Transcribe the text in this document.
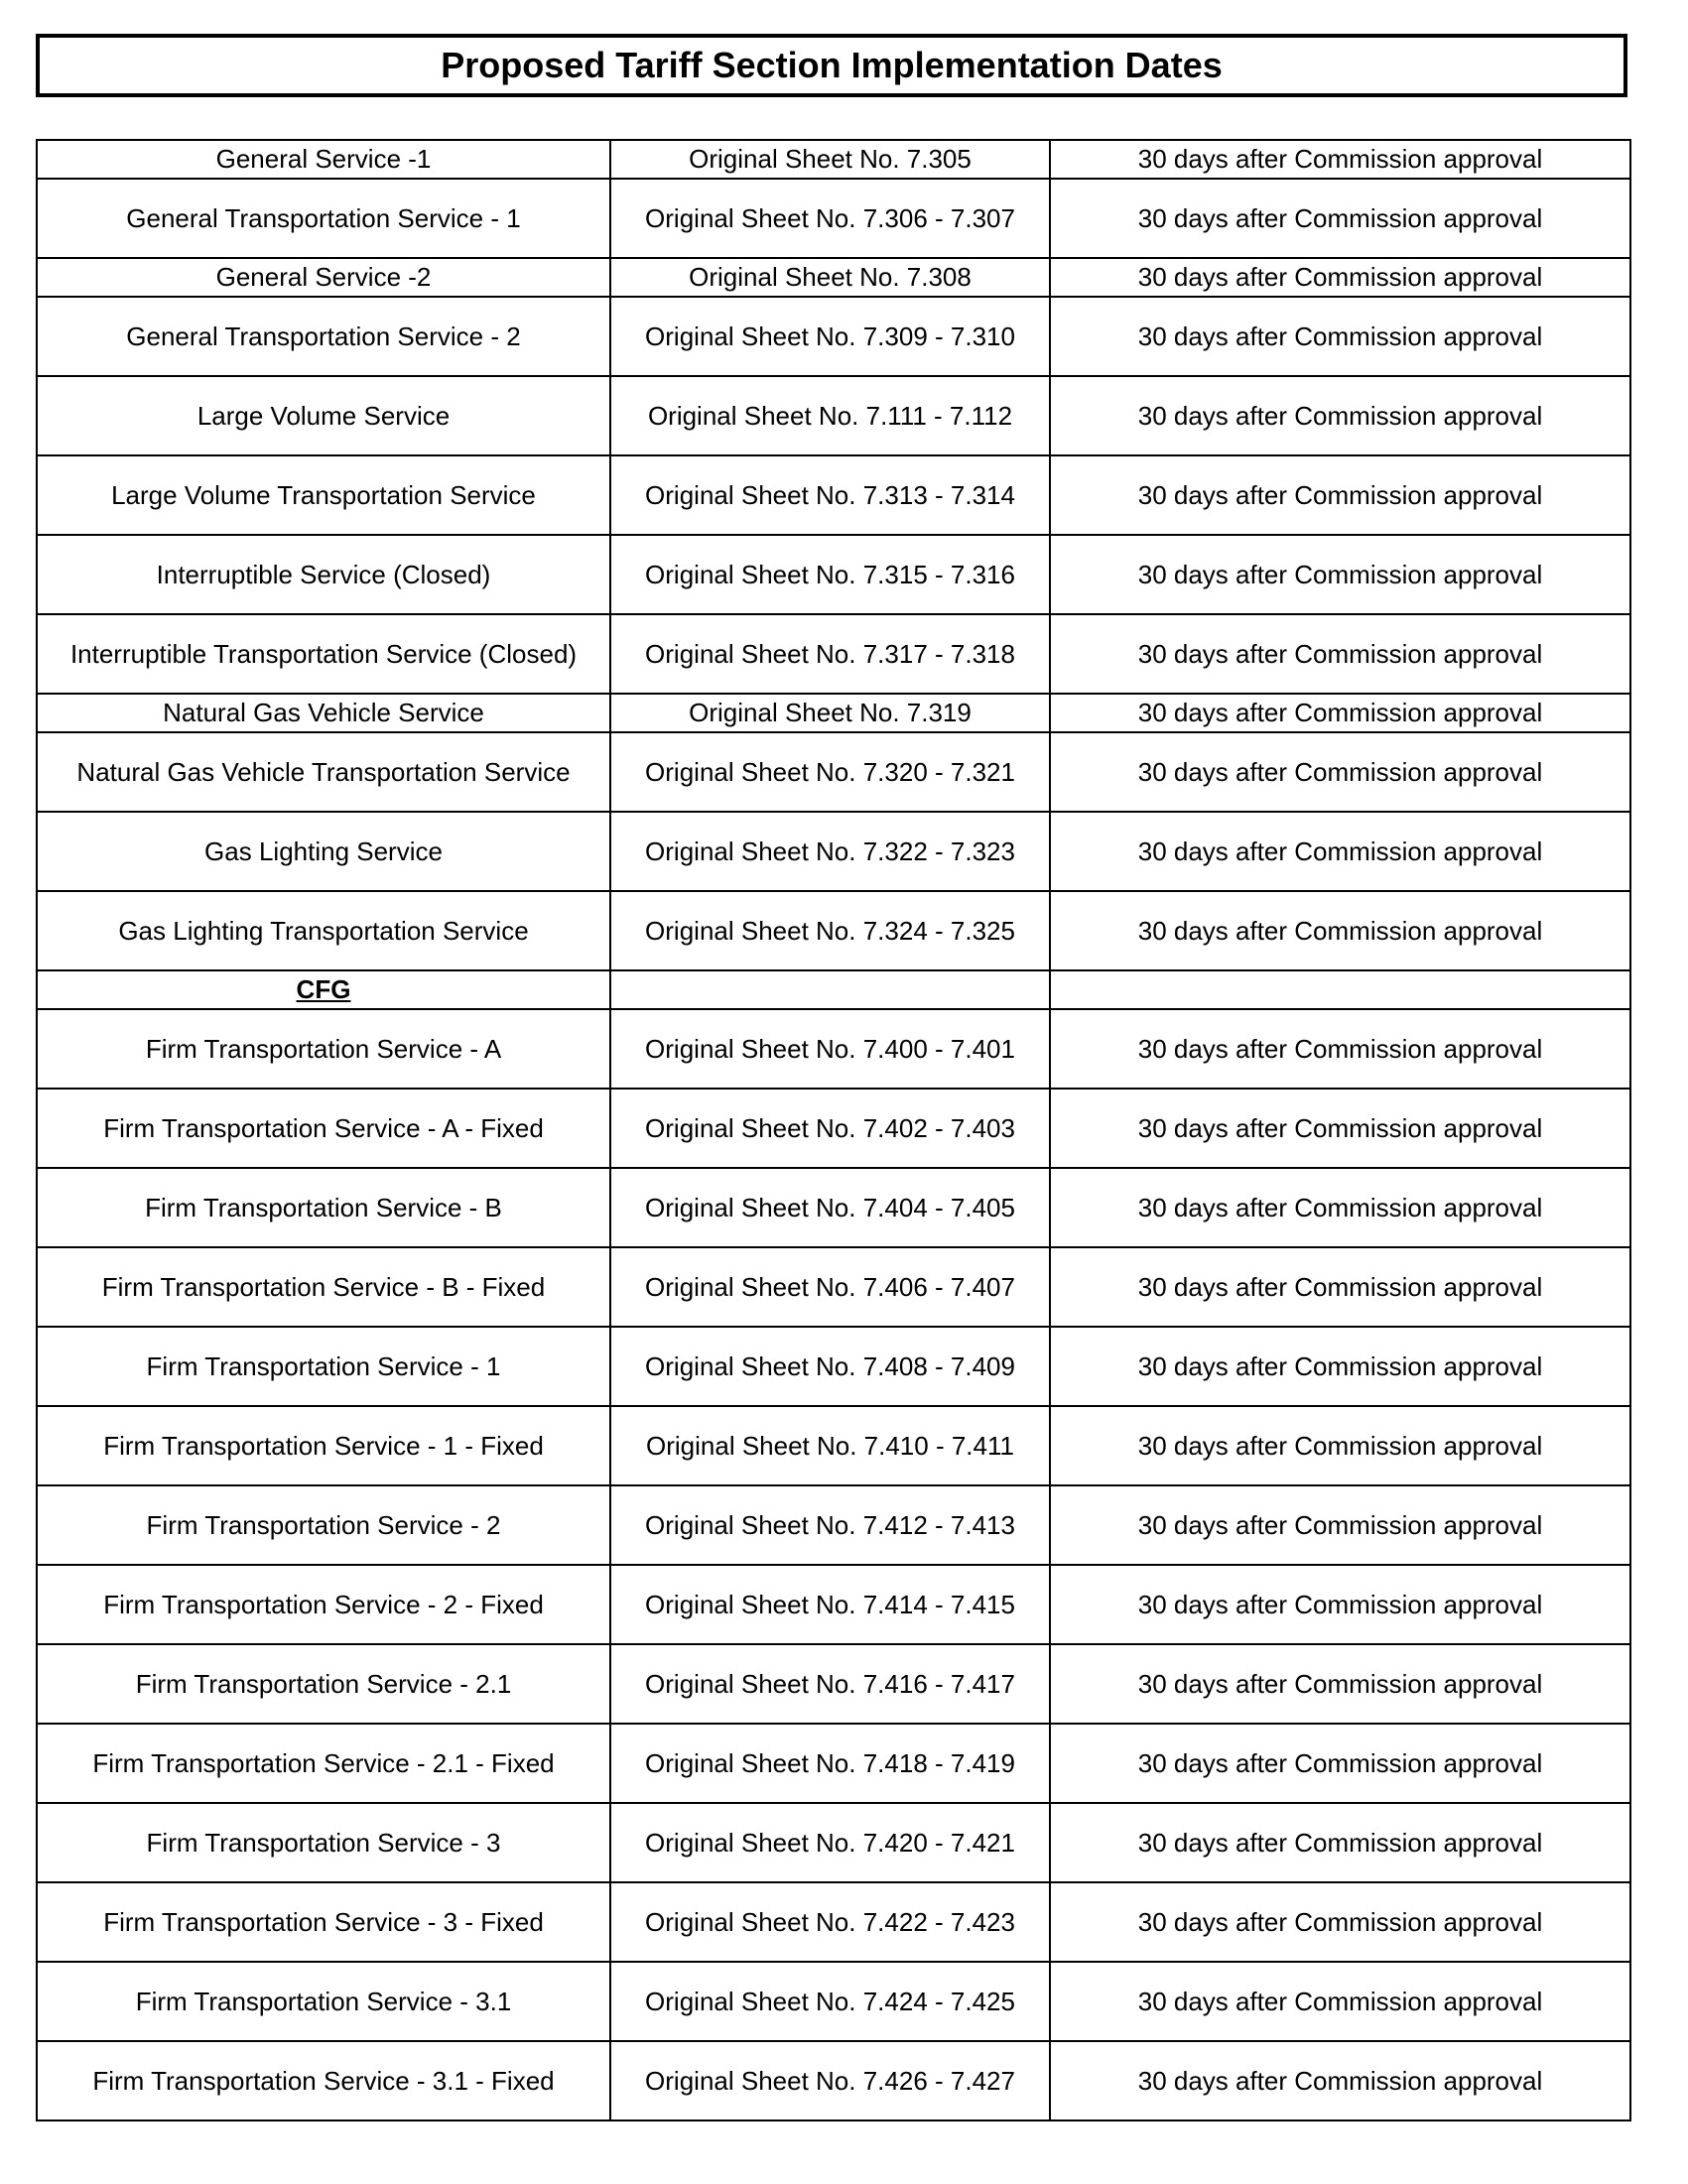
Proposed Tariff Section Implementation Dates
General Service -1	Original Sheet No. 7.305	30 days after Commission approval
General Transportation Service - 1	Original Sheet No. 7.306 - 7.307	30 days after Commission approval
General Service -2	Original Sheet No. 7.308	30 days after Commission approval
General Transportation Service - 2	Original Sheet No. 7.309 - 7.310	30 days after Commission approval
Large Volume Service	Original Sheet No. 7.111 - 7.112	30 days after Commission approval
Large Volume Transportation Service	Original Sheet No. 7.313 - 7.314	30 days after Commission approval
Interruptible Service (Closed)	Original Sheet No. 7.315 - 7.316	30 days after Commission approval
Interruptible Transportation Service (Closed)	Original Sheet No. 7.317 - 7.318	30 days after Commission approval
Natural Gas Vehicle Service	Original Sheet No. 7.319	30 days after Commission approval
Natural Gas Vehicle Transportation Service	Original Sheet No. 7.320 - 7.321	30 days after Commission approval
Gas Lighting Service	Original Sheet No. 7.322 - 7.323	30 days after Commission approval
Gas Lighting Transportation Service	Original Sheet No. 7.324 - 7.325	30 days after Commission approval
CFG		
Firm Transportation Service - A	Original Sheet No. 7.400 - 7.401	30 days after Commission approval
Firm Transportation Service - A - Fixed	Original Sheet No. 7.402 - 7.403	30 days after Commission approval
Firm Transportation Service - B	Original Sheet No. 7.404 - 7.405	30 days after Commission approval
Firm Transportation Service - B - Fixed	Original Sheet No. 7.406 - 7.407	30 days after Commission approval
Firm Transportation Service - 1	Original Sheet No. 7.408 - 7.409	30 days after Commission approval
Firm Transportation Service - 1 - Fixed	Original Sheet No. 7.410 - 7.411	30 days after Commission approval
Firm Transportation Service - 2	Original Sheet No. 7.412 - 7.413	30 days after Commission approval
Firm Transportation Service - 2 - Fixed	Original Sheet No. 7.414 - 7.415	30 days after Commission approval
Firm Transportation Service - 2.1	Original Sheet No. 7.416 - 7.417	30 days after Commission approval
Firm Transportation Service - 2.1 - Fixed	Original Sheet No. 7.418 - 7.419	30 days after Commission approval
Firm Transportation Service - 3	Original Sheet No. 7.420 - 7.421	30 days after Commission approval
Firm Transportation Service - 3 - Fixed	Original Sheet No. 7.422 - 7.423	30 days after Commission approval
Firm Transportation Service - 3.1	Original Sheet No. 7.424 - 7.425	30 days after Commission approval
Firm Transportation Service - 3.1 - Fixed	Original Sheet No. 7.426 - 7.427	30 days after Commission approval
